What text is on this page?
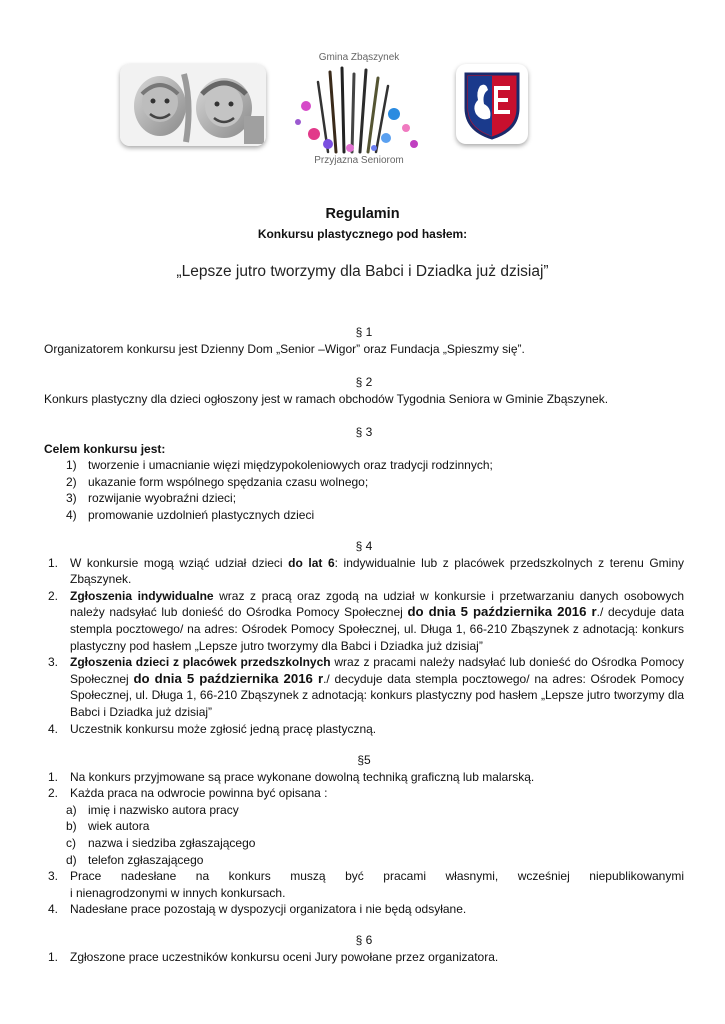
Gmina Zbąszynek
Przyjazna Seniorom
Regulamin
Konkursu plastycznego pod hasłem:
„Lepsze jutro tworzymy dla Babci i Dziadka już dzisiaj”
§ 1
Organizatorem konkursu jest Dzienny Dom „Senior –Wigor” oraz Fundacja „Spieszmy się”.
§ 2
Konkurs plastyczny dla dzieci ogłoszony jest w ramach obchodów Tygodnia Seniora w Gminie Zbąszynek.
§ 3
Celem konkursu jest:
1) tworzenie i umacnianie więzi międzypokoleniowych oraz tradycji rodzinnych;
2) ukazanie form wspólnego spędzania czasu wolnego;
3) rozwijanie wyobraźni dzieci;
4) promowanie uzdolnień plastycznych dzieci
§ 4
1. W konkursie mogą wziąć udział dzieci do lat 6: indywidualnie lub z placówek przedszkolnych z terenu Gminy Zbąszynek.
2. Zgłoszenia indywidualne wraz z pracą oraz zgodą na udział w konkursie i przetwarzaniu danych osobowych należy nadsyłać lub donieść do Ośrodka Pomocy Społecznej do dnia 5 października 2016 r./ decyduje data stempla pocztowego/ na adres: Ośrodek Pomocy Społecznej, ul. Długa 1, 66-210 Zbąszynek z adnotacją: konkurs plastyczny pod hasłem „Lepsze jutro tworzymy dla Babci i Dziadka już dzisiaj”
3. Zgłoszenia dzieci z placówek przedszkolnych wraz z pracami należy nadsyłać lub donieść do Ośrodka Pomocy Społecznej do dnia 5 października 2016 r./ decyduje data stempla pocztowego/ na adres: Ośrodek Pomocy Społecznej, ul. Długa 1, 66-210 Zbąszynek z adnotacją: konkurs plastyczny pod hasłem „Lepsze jutro tworzymy dla Babci i Dziadka już dzisiaj”
4. Uczestnik konkursu może zgłosić jedną pracę plastyczną.
§5
1. Na konkurs przyjmowane są prace wykonane dowolną techniką graficzną lub malarską.
2. Każda praca na odwrocie powinna być opisana :
a) imię i nazwisko autora pracy
b) wiek autora
c) nazwa i siedziba zgłaszającego
d) telefon zgłaszającego
3. Prace nadesłane na konkurs muszą być pracami własnymi, wcześniej niepublikowanymi
i nienagrodzonymi w innych konkursach.
4. Nadesłane prace pozostają w dyspozycji organizatora i nie będą odsyłane.
§ 6
1. Zgłoszone prace uczestników konkursu oceni Jury powołane przez organizatora.
